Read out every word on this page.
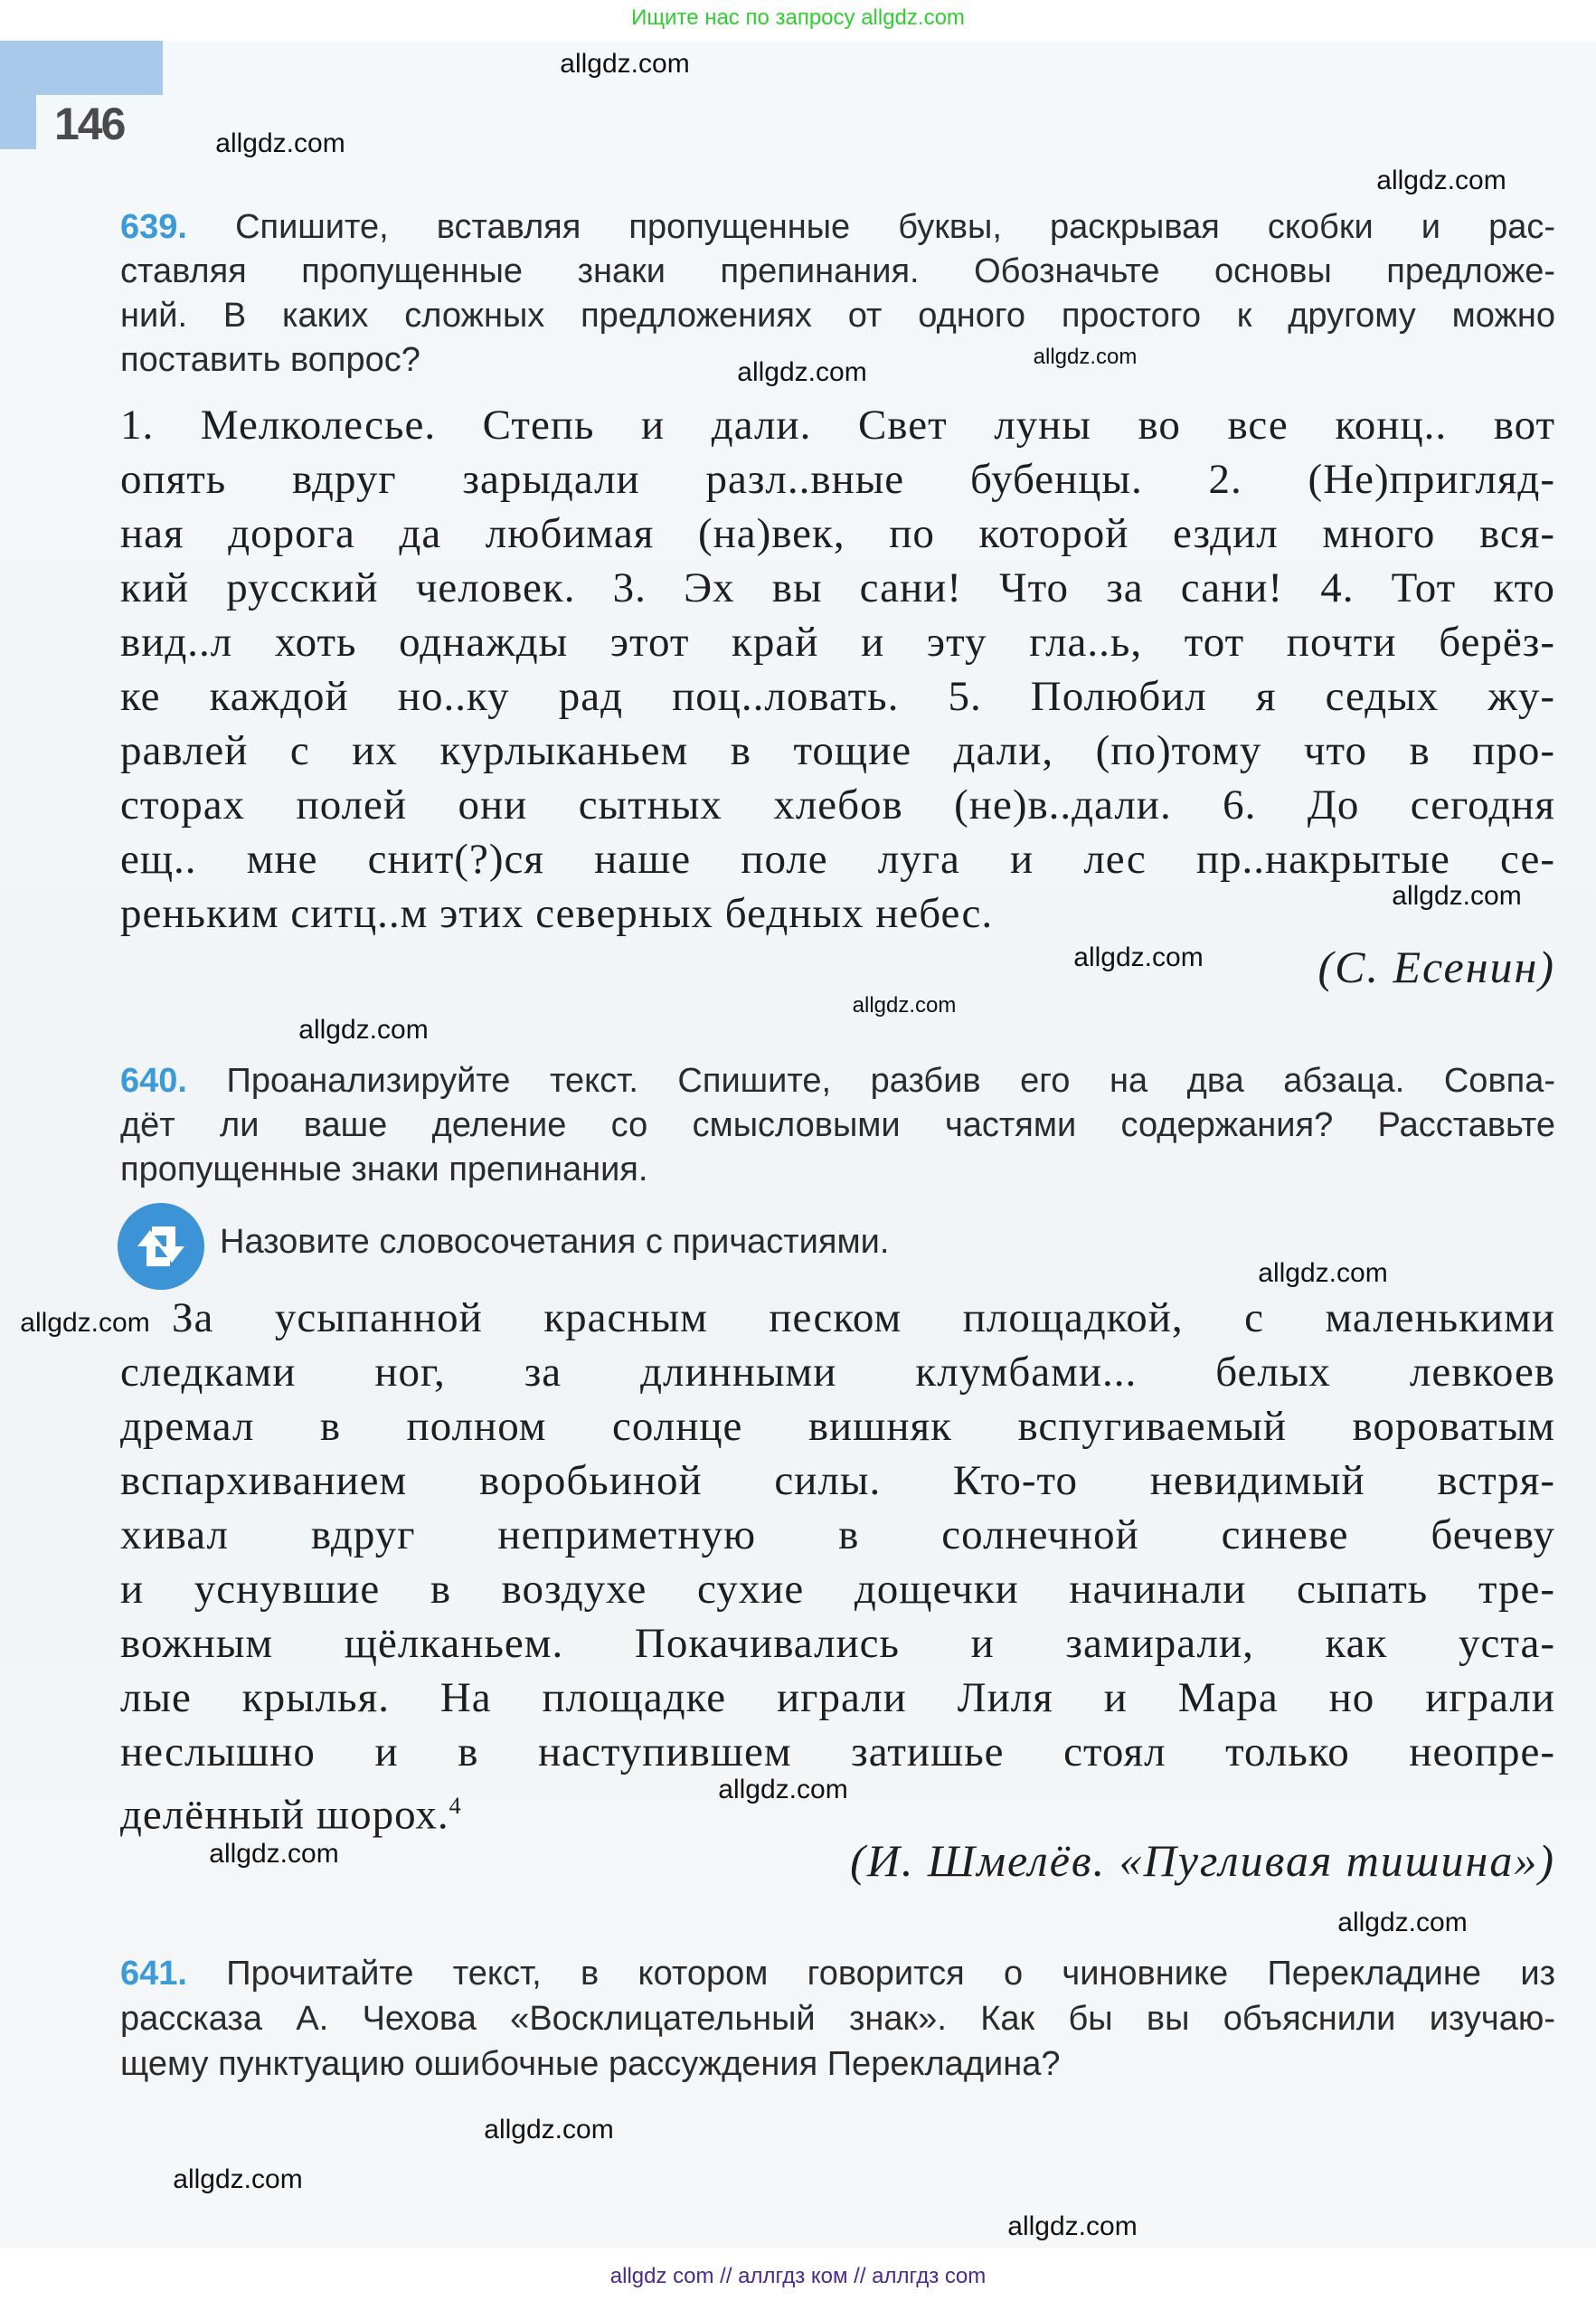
Ищите нас по запросу allgdz.com
146
639. Спишите, вставляя пропущенные буквы, раскрывая скобки и рас-
ставляя пропущенные знаки препинания. Обозначьте основы предложе-
ний. В каких сложных предложениях от одного простого к другому можно
поставить вопрос?
1. Мелколесье. Степь и дали. Свет луны во все конц.. вот
опять вдруг зарыдали разл..вные бубенцы. 2. (Не)пригляд-
ная дорога да любимая (на)век, по которой ездил много вся-
кий русский человек. 3. Эх вы сани! Что за сани! 4. Тот кто
вид..л хоть однажды этот край и эту гла..ь, тот почти берёз-
ке каждой но..ку рад поц..ловать. 5. Полюбил я седых жу-
равлей с их курлыканьем в тощие дали, (по)тому что в про-
сторах полей они сытных хлебов (не)в..дали. 6. До сегодня
ещ.. мне снит(?)ся наше поле луга и лес пр..накрытые се-
реньким ситц..м этих северных бедных небес.
640. Проанализируйте текст. Спишите, разбив его на два абзаца. Совпа-
дёт ли ваше деление со смысловыми частями содержания? Расставьте
пропущенные знаки препинания.
За усыпанной красным песком площадкой, с маленькими
следками ног, за длинными клумбами... белых левкоев
дремал в полном солнце вишняк вспугиваемый вороватым
вспархиванием воробьиной силы. Кто-то невидимый встря-
хивал вдруг неприметную в солнечной синеве бечеву
и уснувшие в воздухе сухие дощечки начинали сыпать тре-
вожным щёлканьем. Покачивались и замирали, как уста-
лые крылья. На площадке играли Лиля и Мара но играли
неслышно и в наступившем затишье стоял только неопре-
делённый шорох.$^4$
641. Прочитайте текст, в котором говорится о чиновнике Перекладине из
рассказа А. Чехова «Восклицательный знак». Как бы вы объяснили изучаю-
щему пунктуацию ошибочные рассуждения Перекладина?
Назовите словосочетания с причастиями.
(С. Есенин)
(И. Шмелёв. «Пугливая тишина»)
allgdz.com
allgdz.com
allgdz.com
allgdz.com
allgdz.com
allgdz.com
allgdz.com
allgdz.com
allgdz.com
allgdz.com
allgdz.com
allgdz.com
allgdz.com
allgdz.com
allgdz.com
allgdz.com
allgdz.com
allgdz com // аллгдз ком // аллгдз com
